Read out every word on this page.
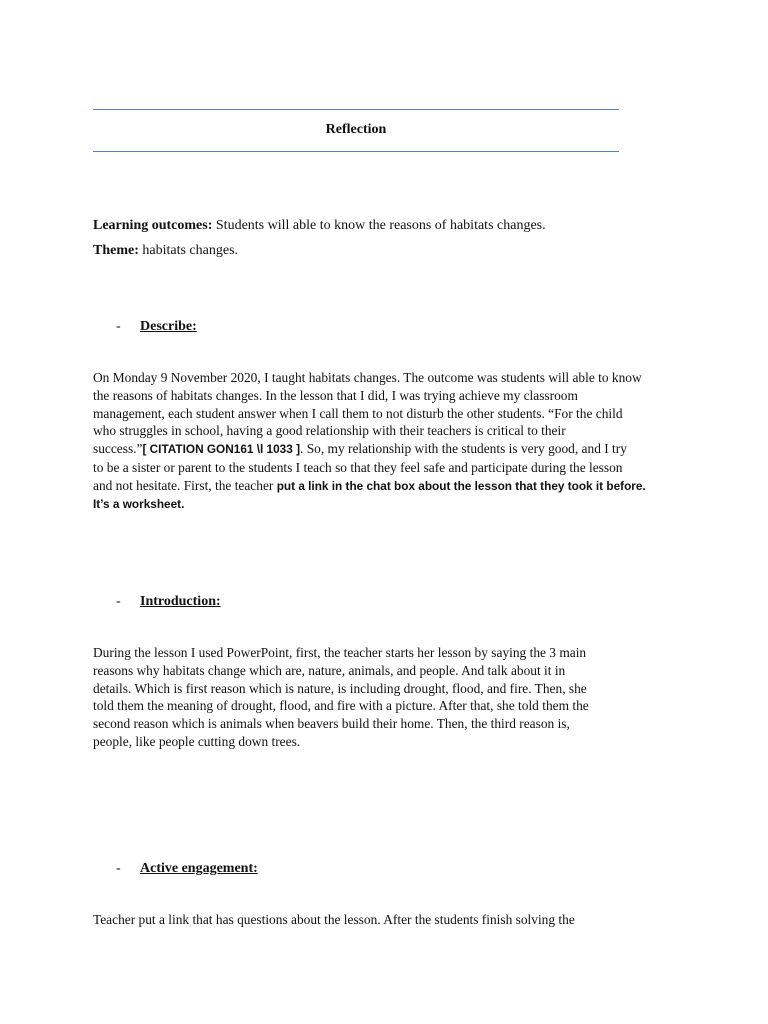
Reflection
Learning outcomes: Students will able to know the reasons of habitats changes.
Theme: habitats changes.
- Describe:
On Monday 9 November 2020, I taught habitats changes. The outcome was students will able to know
the reasons of habitats changes. In the lesson that I did, I was trying achieve my classroom
management, each student answer when I call them to not disturb the other students. “For the child
who struggles in school, having a good relationship with their teachers is critical to their
success.”[ CITATION GON161 \l 1033 ]. So, my relationship with the students is very good, and I try
to be a sister or parent to the students I teach so that they feel safe and participate during the lesson
and not hesitate. First, the teacher put a link in the chat box about the lesson that they took it before.
It’s a worksheet.
- Introduction:
During the lesson I used PowerPoint, first, the teacher starts her lesson by saying the 3 main
reasons why habitats change which are, nature, animals, and people. And talk about it in
details. Which is first reason which is nature, is including drought, flood, and fire. Then, she
told them the meaning of drought, flood, and fire with a picture. After that, she told them the
second reason which is animals when beavers build their home. Then, the third reason is,
people, like people cutting down trees.
- Active engagement:
Teacher put a link that has questions about the lesson. After the students finish solving the
